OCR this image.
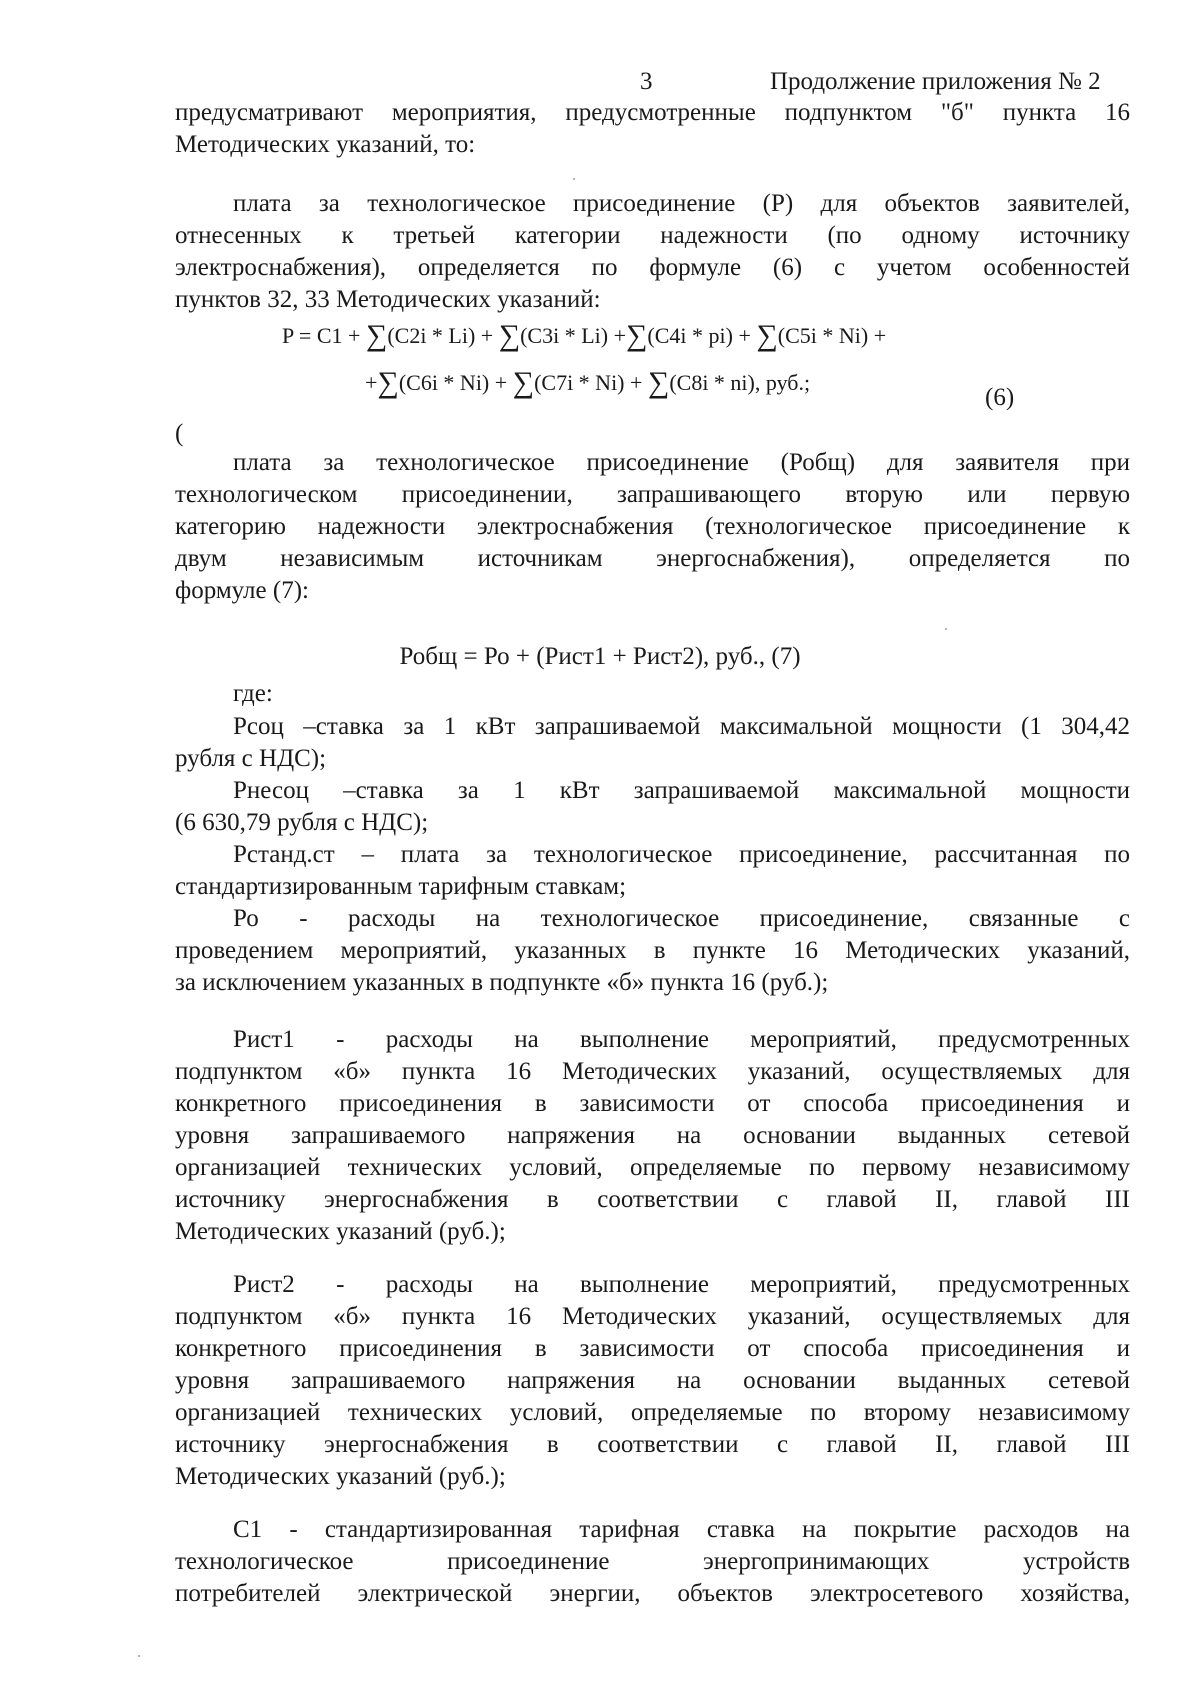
3	Продолжение приложения № 2
предусматривают мероприятия, предусмотренные подпунктом "б" пункта 16
Методических указаний, то:
плата за технологическое присоединение (Р) для объектов заявителей,
отнесенных к третьей категории надежности (по одному источнику
электроснабжения), определяется по формуле (6) с учетом особенностей
пунктов 32, 33 Методических указаний:
P = C1 + ∑(C2i * Li) + ∑(C3i * Li) +∑(C4i * pi) + ∑(C5i * Ni) +
+∑(C6i * Ni) + ∑(C7i * Ni) + ∑(C8i * ni), руб.;
(6)
(
плата за технологическое присоединение (Робщ) для заявителя при
технологическом присоединении, запрашивающего вторую или первую
категорию надежности электроснабжения (технологическое присоединение к
двум независимым источникам энергоснабжения), определяется по
формуле (7):
Робщ = Ро + (Рист1 + Рист2), руб., (7)
где:
Рсоц –ставка за 1 кВт запрашиваемой максимальной мощности (1 304,42
рубля с НДС);
Рнесоц –ставка за 1 кВт запрашиваемой максимальной мощности
(6 630,79 рубля с НДС);
Рстанд.ст – плата за технологическое присоединение, рассчитанная по
стандартизированным тарифным ставкам;
Ро - расходы на технологическое присоединение, связанные с
проведением мероприятий, указанных в пункте 16 Методических указаний,
за исключением указанных в подпункте «б» пункта 16 (руб.);
Рист1 - расходы на выполнение мероприятий, предусмотренных
подпунктом «б» пункта 16 Методических указаний, осуществляемых для
конкретного присоединения в зависимости от способа присоединения и
уровня запрашиваемого напряжения на основании выданных сетевой
организацией технических условий, определяемые по первому независимому
источнику энергоснабжения в соответствии с главой II, главой III
Методических указаний (руб.);
Рист2 - расходы на выполнение мероприятий, предусмотренных
подпунктом «б» пункта 16 Методических указаний, осуществляемых для
конкретного присоединения в зависимости от способа присоединения и
уровня запрашиваемого напряжения на основании выданных сетевой
организацией технических условий, определяемые по второму независимому
источнику энергоснабжения в соответствии с главой II, главой III
Методических указаний (руб.);
С1 - стандартизированная тарифная ставка на покрытие расходов на
технологическое присоединение энергопринимающих устройств
потребителей электрической энергии, объектов электросетевого хозяйства,
